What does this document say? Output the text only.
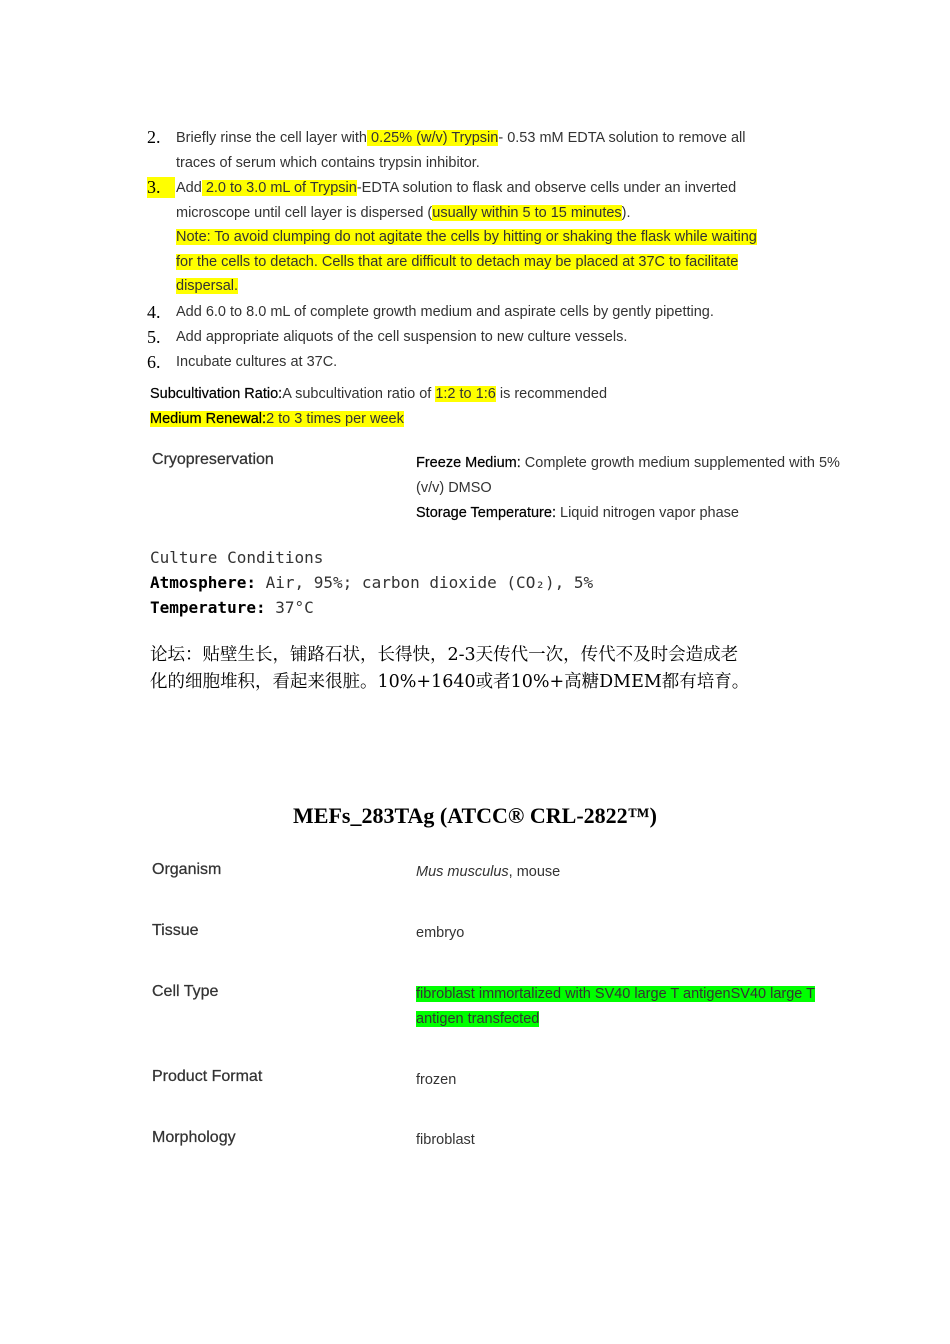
2. Briefly rinse the cell layer with 0.25% (w/v) Trypsin- 0.53 mM EDTA solution to remove all
traces of serum which contains trypsin inhibitor.
3.	Add 2.0 to 3.0 mL of Trypsin-EDTA solution to flask and observe cells under an inverted
microscope until cell layer is dispersed (usually within 5 to 15 minutes).
Note: To avoid clumping do not agitate the cells by hitting or shaking the flask while waiting
for the cells to detach. Cells that are difficult to detach may be placed at 37C to facilitate
dispersal.
4. Add 6.0 to 8.0 mL of complete growth medium and aspirate cells by gently pipetting.
5. Add appropriate aliquots of the cell suspension to new culture vessels.
6. Incubate cultures at 37C.
Subcultivation Ratio:A subcultivation ratio of 1:2 to 1:6 is recommended
Medium Renewal:2 to 3 times per week
Cryopreservation	Freeze Medium: Complete growth medium supplemented with 5%
(v/v) DMSO
Storage Temperature: Liquid nitrogen vapor phase
Culture Conditions
Atmosphere: Air, 95%; carbon dioxide (CO₂), 5%
Temperature: 37°C
论坛：贴壁生长，铺路石状，长得快，2-3天传代一次，传代不及时会造成老
化的细胞堆积，看起来很脏。10%+1640或者10%+高糖DMEM都有培育。
MEFs_283TAg (ATCC® CRL-2822™)
Organism	Mus musculus, mouse
Tissue	embryo
Cell Type	fibroblast immortalized with SV40 large T antigenSV40 large T
antigen transfected
Product Format	frozen
Morphology	fibroblast
